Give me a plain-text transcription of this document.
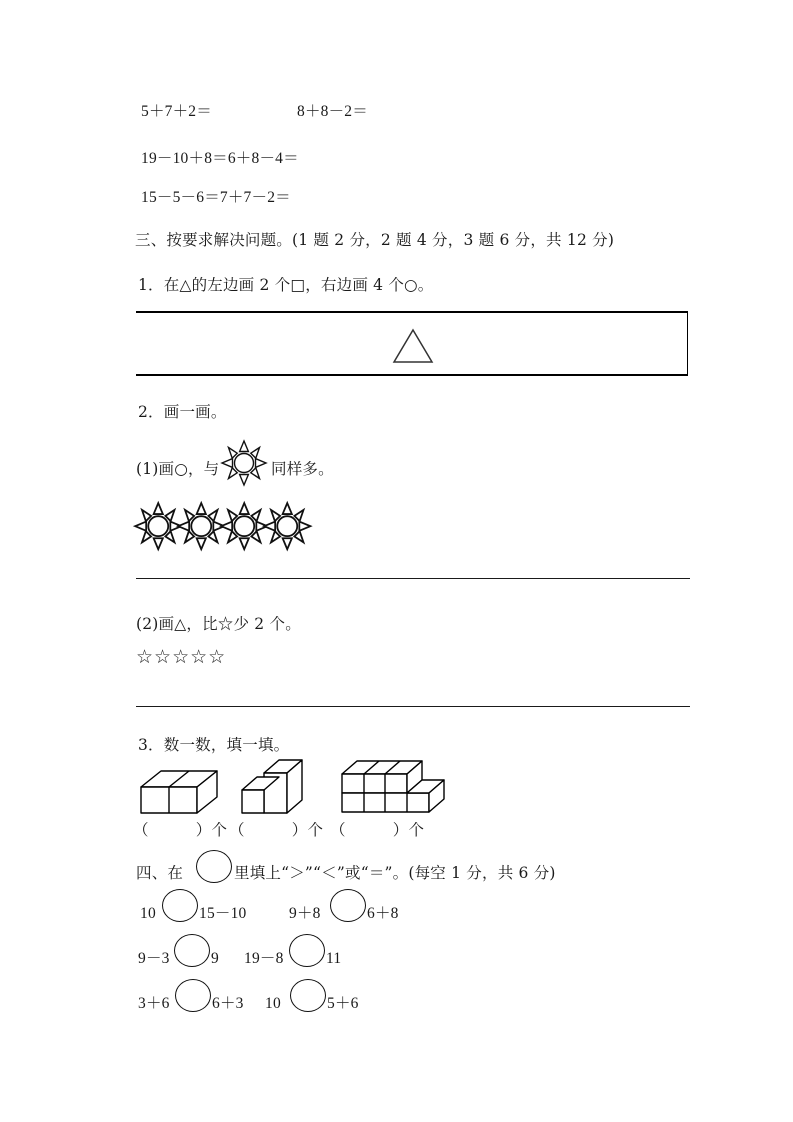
5＋7＋2＝	8＋8－2＝
19－10＋8＝6＋8－4＝
15－5－6＝7＋7－2＝
三、按要求解决问题。(1 题 2 分，2 题 4 分，3 题 6 分，共 12 分)
1．在△的左边画 2 个□，右边画 4 个○。
2．画一画。
(1)画○，与	同样多。
(2)画△，比☆少 2 个。
☆☆☆☆☆
3．数一数，填一填。
（　　　）个 （　　　）个 （　　　）个
四、在	里填上“＞”“＜”或“＝”。(每空 1 分，共 6 分)
10	15－10	9＋8	6＋8
9－3	9 19－8	11
3＋6	6＋3 10	5＋6
